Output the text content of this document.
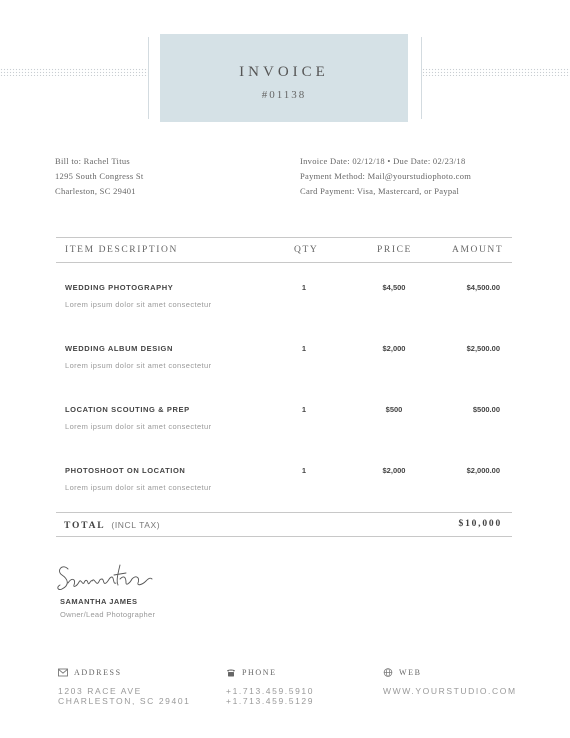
INVOICE
#01138
Bill to: Rachel Titus
1295 South Congress St
Charleston, SC 29401
Invoice Date: 02/12/18 • Due Date: 02/23/18
Payment Method: Mail@yourstudiophoto.com
Card Payment: Visa, Mastercard, or Paypal
ITEM DESCRIPTION	QTY	PRICE	AMOUNT
WEDDING PHOTOGRAPHY
Lorem ipsum dolor sit amet consectetur
1	$4,500	$4,500.00
WEDDING ALBUM DESIGN
Lorem ipsum dolor sit amet consectetur
1	$2,000	$2,500.00
LOCATION SCOUTING & PREP
Lorem ipsum dolor sit amet consectetur
1	$500	$500.00
PHOTOSHOOT ON LOCATION
Lorem ipsum dolor sit amet consectetur
1	$2,000	$2,000.00
TOTAL (INCL TAX)	$10,000
SAMANTHA JAMES
Owner/Lead Photographer
ADDRESS
1203 RACE AVE
CHARLESTON, SC 29401
PHONE
+1.713.459.5910
+1.713.459.5129
WEB
WWW.YOURSTUDIO.COM
